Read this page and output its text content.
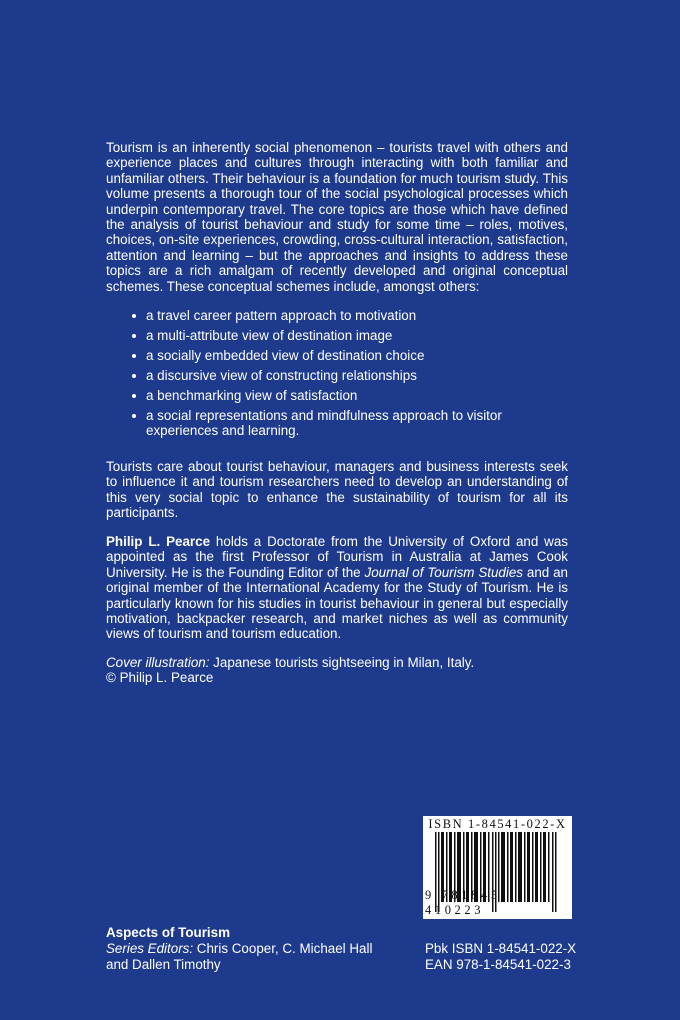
Tourism is an inherently social phenomenon – tourists travel with others and experience places and cultures through interacting with both familiar and unfamiliar others. Their behaviour is a foundation for much tourism study. This volume presents a thorough tour of the social psychological processes which underpin contemporary travel. The core topics are those which have defined the analysis of tourist behaviour and study for some time – roles, motives, choices, on-site experiences, crowding, cross-cultural interaction, satisfaction, attention and learning – but the approaches and insights to address these topics are a rich amalgam of recently developed and original conceptual schemes. These conceptual schemes include, amongst others:

a travel career pattern approach to motivation
a multi-attribute view of destination image
a socially embedded view of destination choice
a discursive view of constructing relationships
a benchmarking view of satisfaction
a social representations and mindfulness approach to visitor experiences and learning.

Tourists care about tourist behaviour, managers and business interests seek to influence it and tourism researchers need to develop an understanding of this very social topic to enhance the sustainability of tourism for all its participants.

Philip L. Pearce holds a Doctorate from the University of Oxford and was appointed as the first Professor of Tourism in Australia at James Cook University. He is the Founding Editor of the Journal of Tourism Studies and an original member of the International Academy for the Study of Tourism. He is particularly known for his studies in tourist behaviour in general but especially motivation, backpacker research, and market niches as well as community views of tourism and tourism education.

Cover illustration: Japanese tourists sightseeing in Milan, Italy.
© Philip L. Pearce

ISBN 1-84541-022-X
9 781845 410223
Aspects of Tourism
Series Editors: Chris Cooper, C. Michael Hall
and Dallen Timothy
Pbk ISBN 1-84541-022-X
EAN 978-1-84541-022-3
